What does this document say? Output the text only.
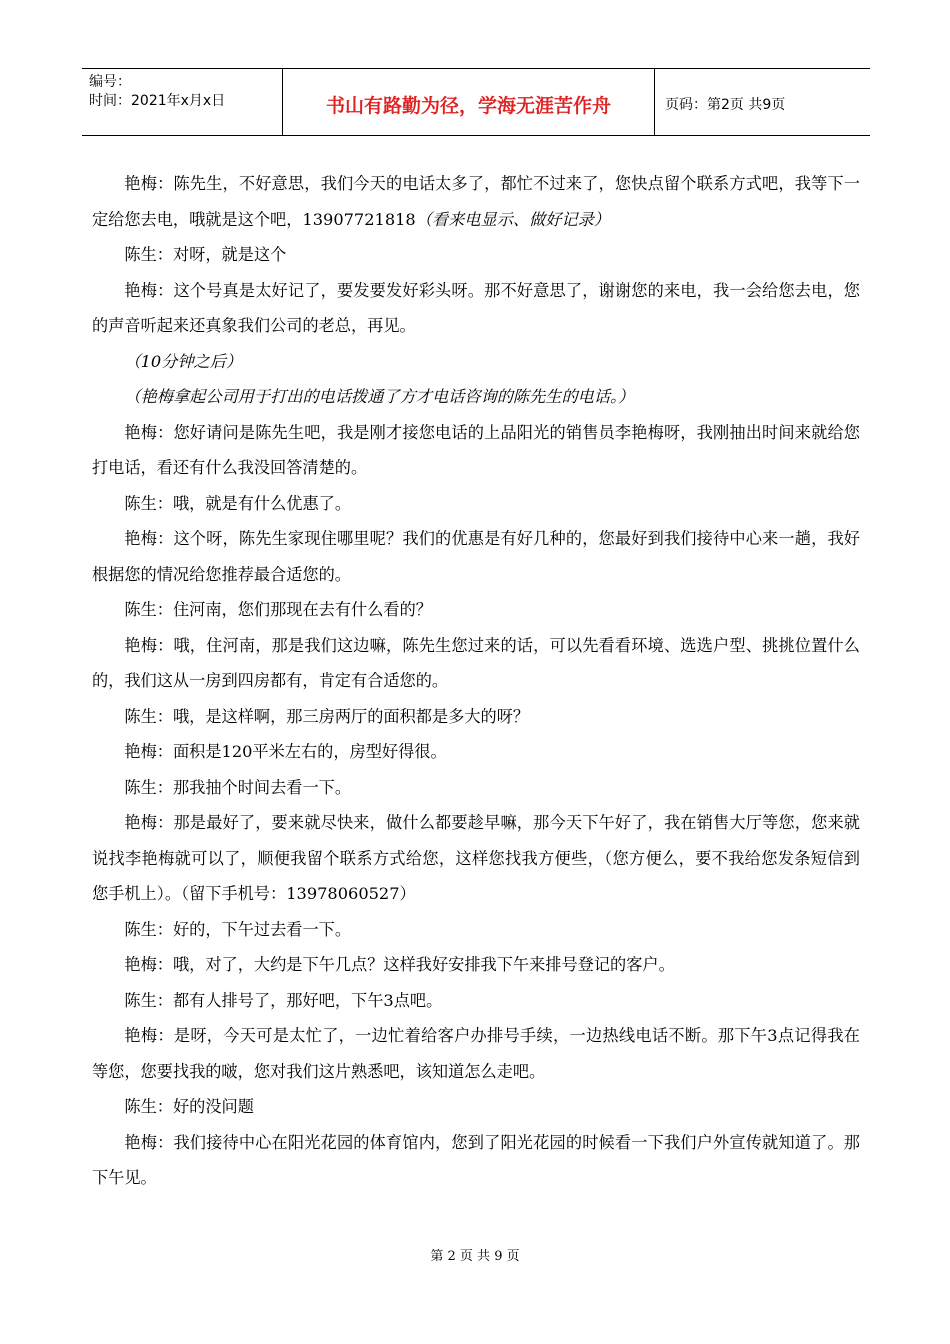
编号：
时间：2021年x月x日	书山有路勤为径，学海无涯苦作舟	页码：第2页 共9页

艳梅：陈先生，不好意思，我们今天的电话太多了，都忙不过来了，您快点留个联系方式吧，我等下一定给您去电，哦就是这个吧，13907721818（看来电显示、做好记录）

陈生：对呀，就是这个

艳梅：这个号真是太好记了，要发要发好彩头呀。那不好意思了，谢谢您的来电，我一会给您去电，您的声音听起来还真象我们公司的老总，再见。

（10分钟之后）

（艳梅拿起公司用于打出的电话拨通了方才电话咨询的陈先生的电话。）

艳梅：您好请问是陈先生吧，我是刚才接您电话的上品阳光的销售员李艳梅呀，我刚抽出时间来就给您打电话，看还有什么我没回答清楚的。

陈生：哦，就是有什么优惠了。

艳梅：这个呀，陈先生家现住哪里呢？我们的优惠是有好几种的，您最好到我们接待中心来一趟，我好根据您的情况给您推荐最合适您的。

陈生：住河南，您们那现在去有什么看的？

艳梅：哦，住河南，那是我们这边嘛，陈先生您过来的话，可以先看看环境、选选户型、挑挑位置什么的，我们这从一房到四房都有，肯定有合适您的。

陈生：哦，是这样啊，那三房两厅的面积都是多大的呀？

艳梅：面积是120平米左右的，房型好得很。

陈生：那我抽个时间去看一下。

艳梅：那是最好了，要来就尽快来，做什么都要趁早嘛，那今天下午好了，我在销售大厅等您，您来就说找李艳梅就可以了，顺便我留个联系方式给您，这样您找我方便些，（您方便么，要不我给您发条短信到您手机上）。（留下手机号：13978060527）

陈生：好的，下午过去看一下。

艳梅：哦，对了，大约是下午几点？这样我好安排我下午来排号登记的客户。

陈生：都有人排号了，那好吧，下午3点吧。

艳梅：是呀，今天可是太忙了，一边忙着给客户办排号手续，一边热线电话不断。那下午3点记得我在等您，您要找我的啵，您对我们这片熟悉吧，该知道怎么走吧。

陈生：好的没问题

艳梅：我们接待中心在阳光花园的体育馆内，您到了阳光花园的时候看一下我们户外宣传就知道了。那下午见。

第 2 页 共 9 页
